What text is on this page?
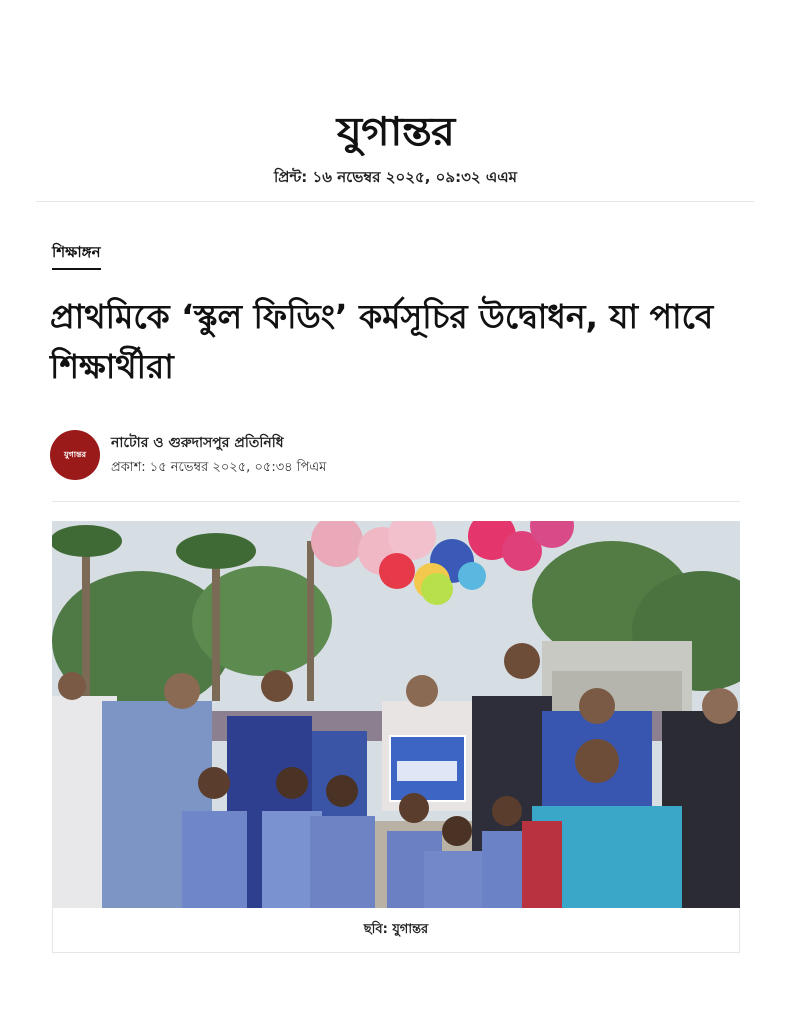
যুগান্তর
প্রিন্ট: ১৬ নভেম্বর ২০২৫, ০৯:৩২ এএম
শিক্ষাঙ্গন
প্রাথমিকে ‘স্কুল ফিডিং’ কর্মসূচির উদ্বোধন, যা পাবে শিক্ষার্থীরা
যুগান্তর
নাটোর ও গুরুদাসপুর প্রতিনিধি
প্রকাশ: ১৫ নভেম্বর ২০২৫, ০৫:৩৪ পিএম
ছবি: যুগান্তর
